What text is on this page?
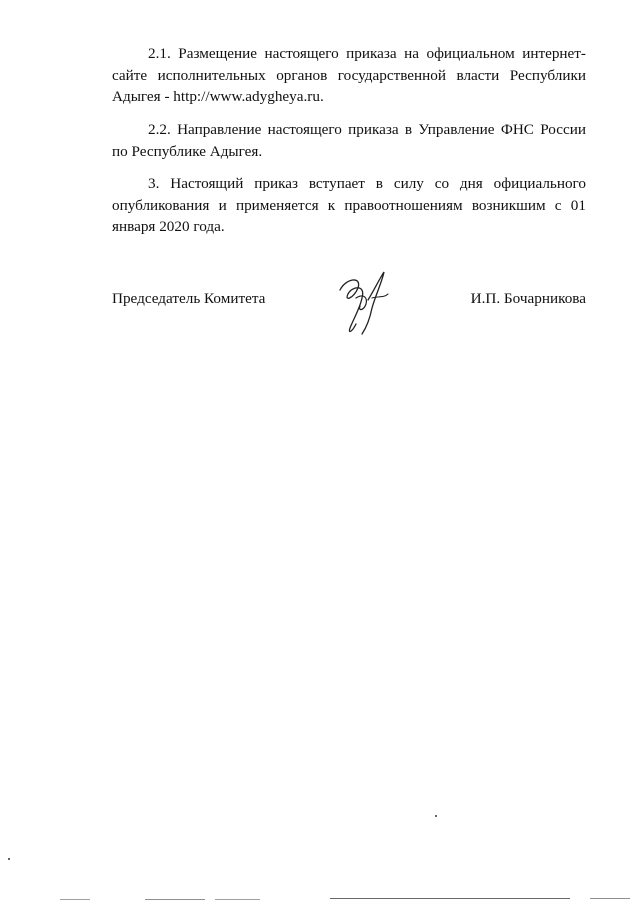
2.1. Размещение настоящего приказа на официальном интернет-сайте исполнительных органов государственной власти Республики Адыгея - http://www.adygheya.ru.
2.2. Направление настоящего приказа в Управление ФНС России по Республике Адыгея.
3. Настоящий приказ вступает в силу со дня официального опубликования и применяется к правоотношениям возникшим с 01 января 2020 года.
Председатель Комитета	И.П. Бочарникова
